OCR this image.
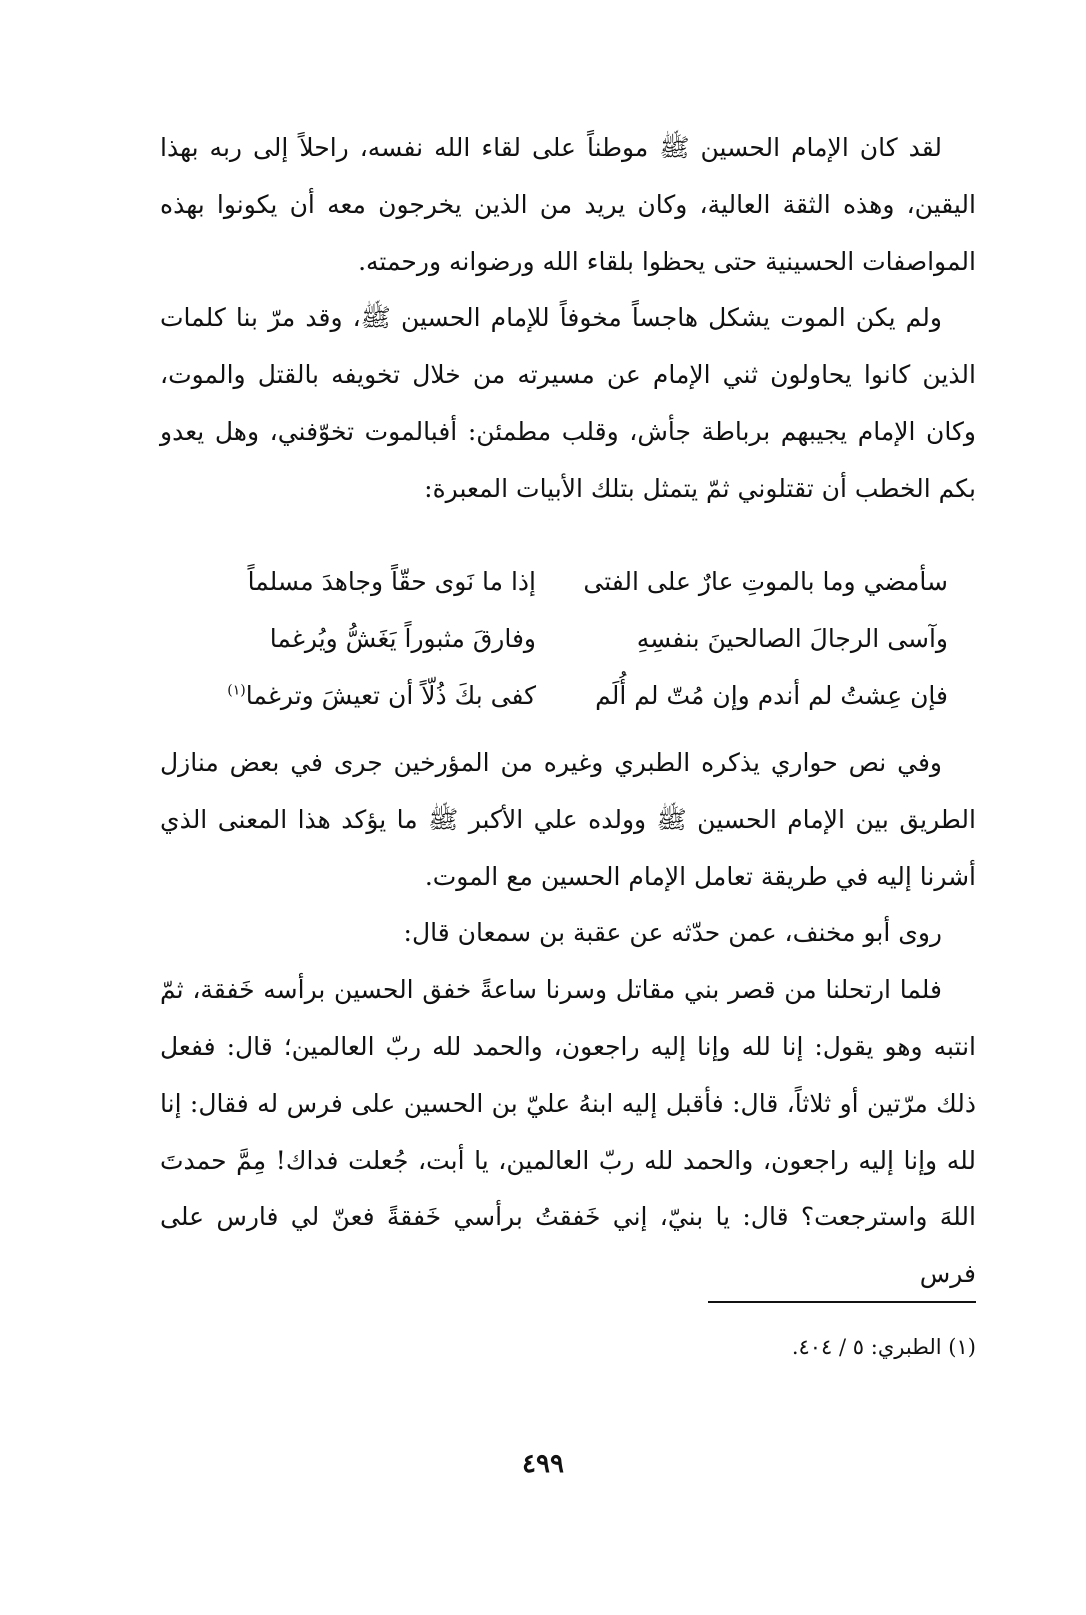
لقد كان الإمام الحسين ﷺ موطناً على لقاء الله نفسه، راحلاً إلى ربه بهذا اليقين، وهذه الثقة العالية، وكان يريد من الذين يخرجون معه أن يكونوا بهذه المواصفات الحسينية حتى يحظوا بلقاء الله ورضوانه ورحمته.

ولم يكن الموت يشكل هاجساً مخوفاً للإمام الحسين ﷺ، وقد مرّ بنا كلمات الذين كانوا يحاولون ثني الإمام عن مسيرته من خلال تخويفه بالقتل والموت، وكان الإمام يجيبهم برباطة جأش، وقلب مطمئن: أفبالموت تخوّفني، وهل يعدو بكم الخطب أن تقتلوني ثمّ يتمثل بتلك الأبيات المعبرة:

سأمضي وما بالموتِ عارٌ على الفتى
إذا ما نَوى حقّاً وجاهدَ مسلماً
وآسى الرجالَ الصالحينَ بنفسِهِ
وفارقَ مثبوراً يَغَشُّ ويُرغما
فإن عِشتُ لم أندم وإن مُتّ لم أُلَم
كفى بكَ ذُلّاً أن تعيشَ وترغما$^{(١)}$

وفي نص حواري يذكره الطبري وغيره من المؤرخين جرى في بعض منازل الطريق بين الإمام الحسين ﷺ وولده علي الأكبر ﷺ ما يؤكد هذا المعنى الذي أشرنا إليه في طريقة تعامل الإمام الحسين مع الموت.

روى أبو مخنف، عمن حدّثه عن عقبة بن سمعان قال:

فلما ارتحلنا من قصر بني مقاتل وسرنا ساعةً خفق الحسين برأسه خَفقة، ثمّ انتبه وهو يقول: إنا لله وإنا إليه راجعون، والحمد لله ربّ العالمين؛ قال: ففعل ذلك مرّتين أو ثلاثاً، قال: فأقبل إليه ابنهُ عليّ بن الحسين على فرس له فقال: إنا لله وإنا إليه راجعون، والحمد لله ربّ العالمين، يا أبت، جُعلت فداك! مِمَّ حمدتَ اللهَ واسترجعت؟ قال: يا بنيّ، إني خَفقتُ برأسي خَفقةً فعنّ لي فارس على فرس

(١) الطبري: ٥ / ٤٠٤.
٤٩٩
